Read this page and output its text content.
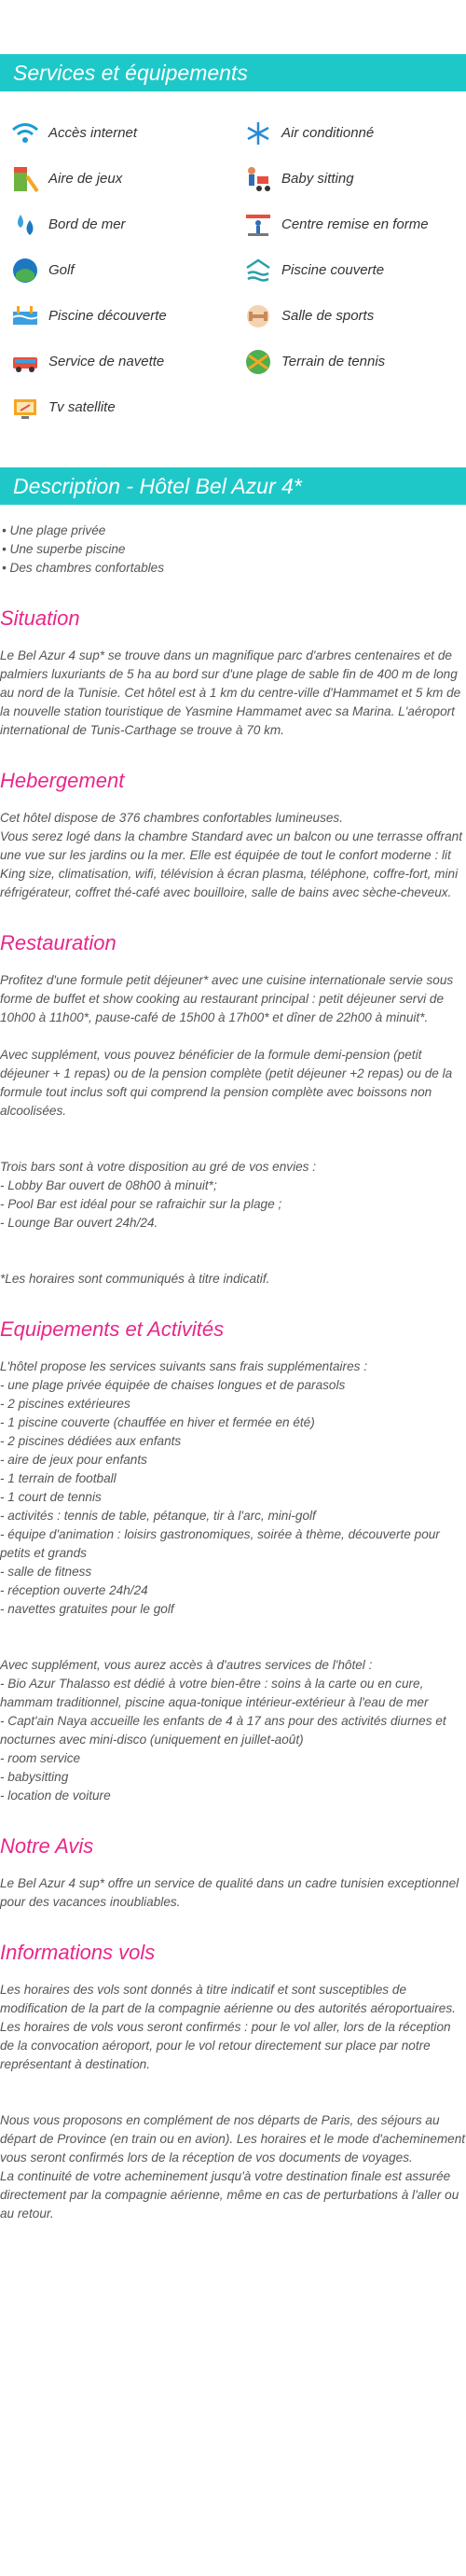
Services et équipements
Accès internet	Air conditionné
Aire de jeux	Baby sitting
Bord de mer	Centre remise en forme
Golf	Piscine couverte
Piscine découverte	Salle de sports
Service de navette	Terrain de tennis
Tv satellite
Description - Hôtel Bel Azur 4*
• Une plage privée
• Une superbe piscine
• Des chambres confortables
Situation

Le Bel Azur 4 sup* se trouve dans un magnifique parc d'arbres centenaires et de palmiers luxuriants de 5 ha au bord sur d'une plage de sable fin de 400 m de long au nord de la Tunisie. Cet hôtel est à 1 km du centre-ville d'Hammamet et 5 km de la nouvelle station touristique de Yasmine Hammamet avec sa Marina. L'aéroport international de Tunis-Carthage se trouve à 70 km.

Hebergement

Cet hôtel dispose de 376 chambres confortables lumineuses.

Vous serez logé dans la chambre Standard avec un balcon ou une terrasse offrant une vue sur les jardins ou la mer. Elle est équipée de tout le confort moderne : lit King size, climatisation, wifi, télévision à écran plasma, téléphone, coffre-fort, mini réfrigérateur, coffret thé-café avec bouilloire, salle de bains avec sèche-cheveux.

Restauration

Profitez d'une formule petit déjeuner* avec une cuisine internationale servie sous forme de buffet et show cooking au restaurant principal : petit déjeuner servi de 10h00 à 11h00*, pause-café de 15h00 à 17h00* et dîner de 22h00 à minuit*.

Avec supplément, vous pouvez bénéficier de la formule demi-pension (petit déjeuner + 1 repas) ou de la pension complète (petit déjeuner +2 repas) ou de la formule tout inclus soft qui comprend la pension complète avec boissons non alcoolisées.

Trois bars sont à votre disposition au gré de vos envies :
- Lobby Bar ouvert de 08h00 à minuit*;
- Pool Bar est idéal pour se rafraichir sur la plage ;
- Lounge Bar ouvert 24h/24.

*Les horaires sont communiqués à titre indicatif.

Equipements et Activités
L'hôtel propose les services suivants sans frais supplémentaires :
- une plage privée équipée de chaises longues et de parasols
- 2 piscines extérieures
- 1 piscine couverte (chauffée en hiver et fermée en été)
- 2 piscines dédiées aux enfants
- aire de jeux pour enfants
- 1 terrain de football
- 1 court de tennis
- activités : tennis de table, pétanque, tir à l'arc, mini-golf
- équipe d'animation : loisirs gastronomiques, soirée à thème, découverte pour petits et grands
- salle de fitness
- réception ouverte 24h/24
- navettes gratuites pour le golf
Avec supplément, vous aurez accès à d'autres services de l'hôtel :
- Bio Azur Thalasso est dédié à votre bien-être : soins à la carte ou en cure, hammam traditionnel, piscine aqua-tonique intérieur-extérieur à l'eau de mer
- Capt'ain Naya accueille les enfants de 4 à 17 ans pour des activités diurnes et nocturnes avec mini-disco (uniquement en juillet-août)
- room service
- babysitting
- location de voiture
Notre Avis

Le Bel Azur 4 sup* offre un service de qualité dans un cadre tunisien exceptionnel pour des vacances inoubliables.

Informations vols

Les horaires des vols sont donnés à titre indicatif et sont susceptibles de modification de la part de la compagnie aérienne ou des autorités aéroportuaires.

Les horaires de vols vous seront confirmés : pour le vol aller, lors de la réception de la convocation aéroport, pour le vol retour directement sur place par notre représentant à destination.

Nous vous proposons en complément de nos départs de Paris, des séjours au départ de Province (en train ou en avion). Les horaires et le mode d'acheminement vous seront confirmés lors de la réception de vos documents de voyages.

La continuité de votre acheminement jusqu'à votre destination finale est assurée directement par la compagnie aérienne, même en cas de perturbations à l'aller ou au retour.
